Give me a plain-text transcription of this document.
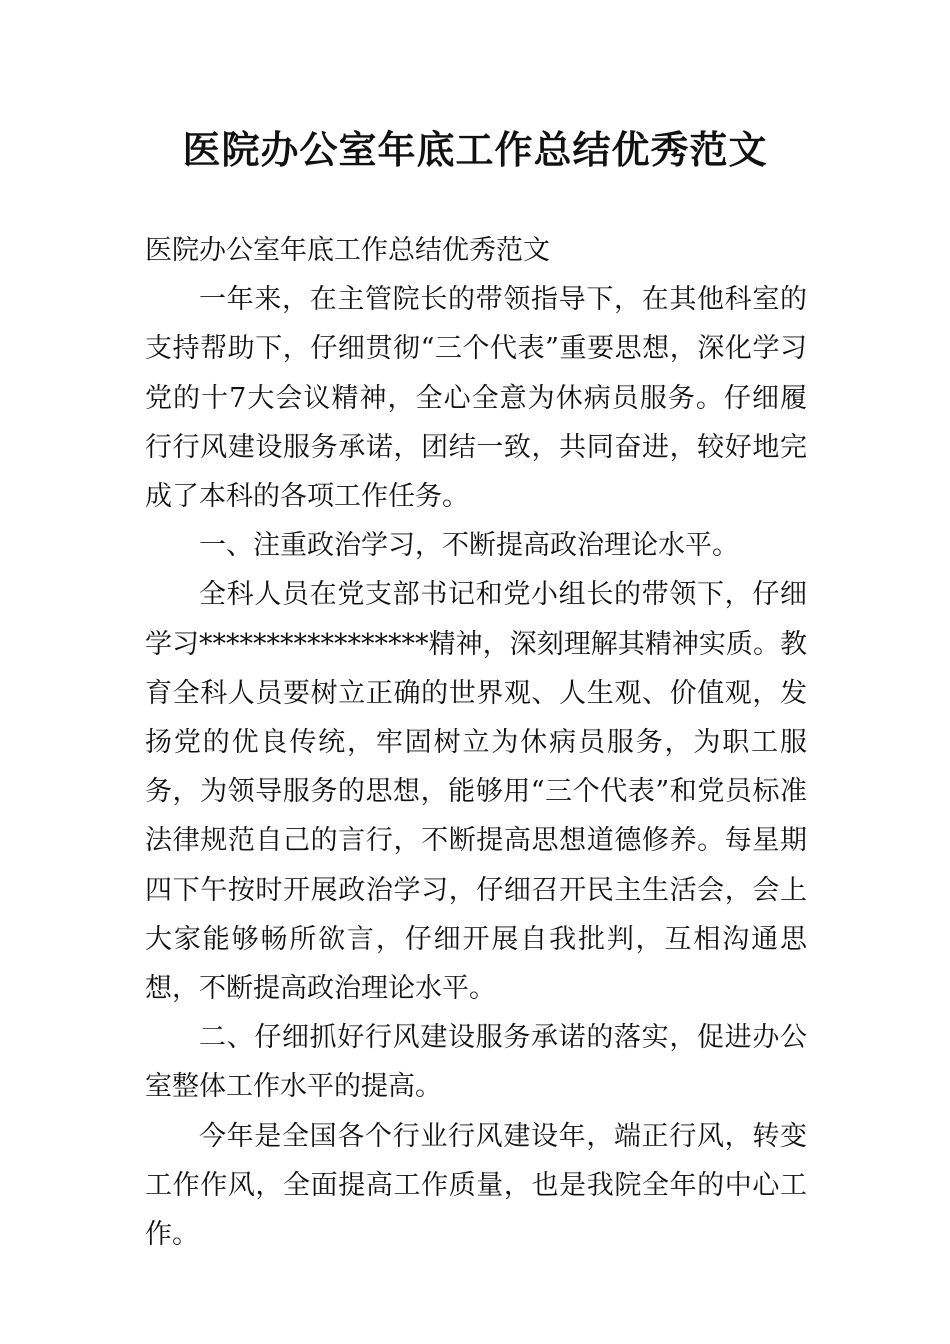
医院办公室年底工作总结优秀范文

医院办公室年底工作总结优秀范文

一年来，在主管院长的带领指导下，在其他科室的支持帮助下，仔细贯彻“三个代表”重要思想，深化学习党的十7大会议精神，全心全意为休病员服务。仔细履行行风建设服务承诺，团结一致，共同奋进，较好地完成了本科的各项工作任务。

一、注重政治学习，不断提高政治理论水平。

全科人员在党支部书记和党小组长的带领下，仔细学习*****************精神，深刻理解其精神实质。教育全科人员要树立正确的世界观、人生观、价值观，发扬党的优良传统，牢固树立为休病员服务，为职工服务，为领导服务的思想，能够用“三个代表”和党员标准法律规范自己的言行，不断提高思想道德修养。每星期四下午按时开展政治学习，仔细召开民主生活会，会上大家能够畅所欲言，仔细开展自我批判，互相沟通思想，不断提高政治理论水平。

二、仔细抓好行风建设服务承诺的落实，促进办公室整体工作水平的提高。

今年是全国各个行业行风建设年，端正行风，转变工作作风，全面提高工作质量，也是我院全年的中心工作。
